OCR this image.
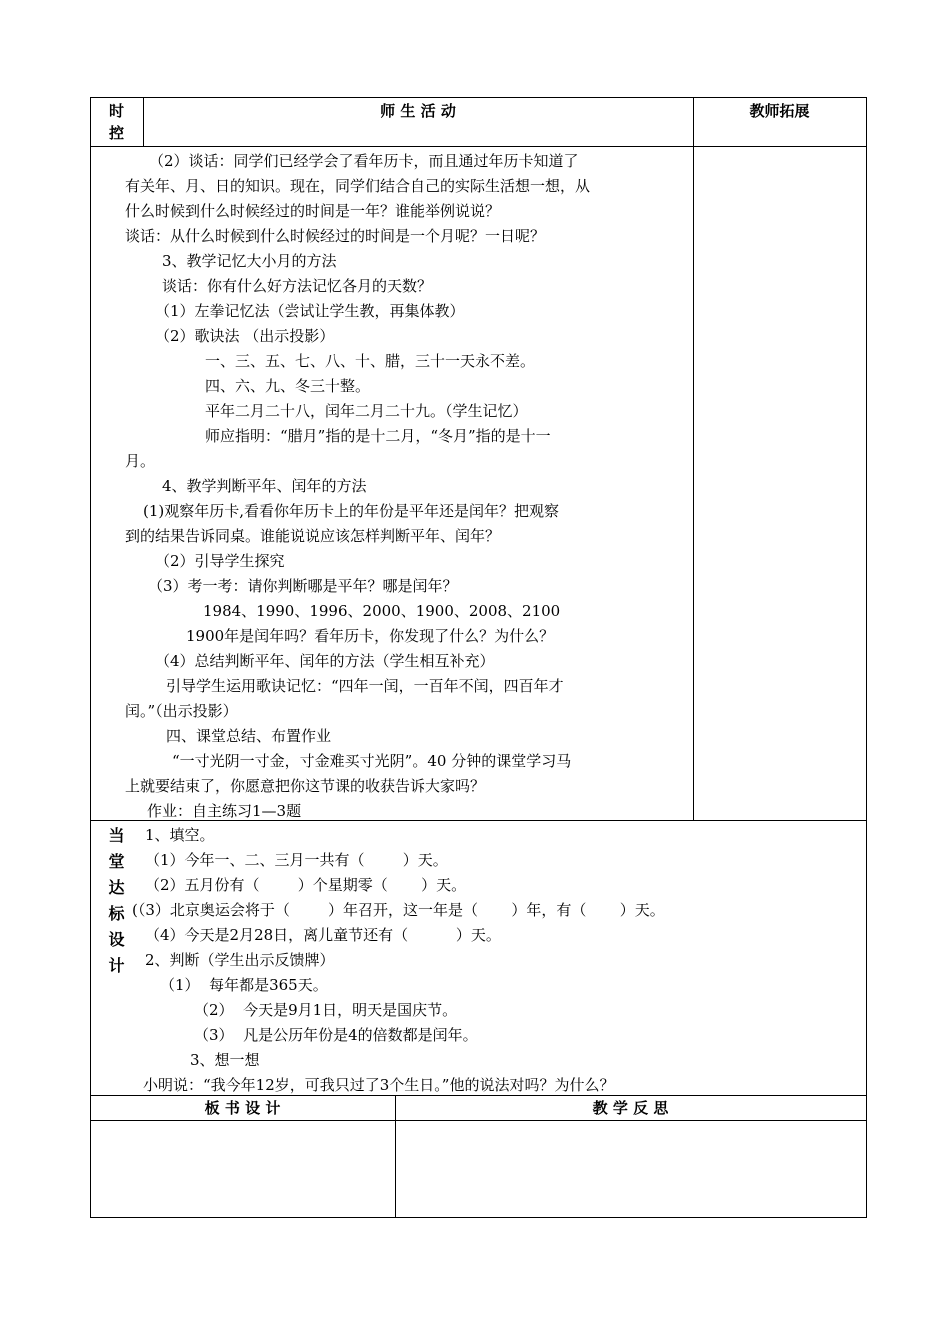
时
控
师 生 活 动	教师拓展
（2）谈话：同学们已经学会了看年历卡，而且通过年历卡知道了
有关年、月、日的知识。现在，同学们结合自己的实际生活想一想，从
什么时候到什么时候经过的时间是一年？谁能举例说说？
谈话：从什么时候到什么时候经过的时间是一个月呢？一日呢？
3、教学记忆大小月的方法
谈话：你有什么好方法记忆各月的天数？
（1）左拳记忆法（尝试让学生教，再集体教）
（2）歌诀法 （出示投影）
一、三、五、七、八、十、腊，三十一天永不差。
四、六、九、冬三十整。
平年二月二十八，闰年二月二十九。（学生记忆）
师应指明：“腊月”指的是十二月，“冬月”指的是十一
月。
4、教学判断平年、闰年的方法
(1)观察年历卡,看看你年历卡上的年份是平年还是闰年？把观察
到的结果告诉同桌。谁能说说应该怎样判断平年、闰年？
（2）引导学生探究
（3）考一考：请你判断哪是平年？哪是闰年？
1984、1990、1996、2000、1900、2008、2100
1900年是闰年吗？看年历卡，你发现了什么？为什么？
（4）总结判断平年、闰年的方法（学生相互补充）
引导学生运用歌诀记忆：“四年一闰，一百年不闰，四百年才
闰。”（出示投影）
四、课堂总结、布置作业
“一寸光阴一寸金，寸金难买寸光阴”。40 分钟的课堂学习马
上就要结束了，你愿意把你这节课的收获告诉大家吗？
作业：自主练习1—3题
当
堂
达
标
设
计
1、填空。
（1）今年一、二、三月一共有（        ）天。
（2）五月份有（        ）个星期零（       ）天。
(（3）北京奥运会将于（        ）年召开，这一年是（       ）年，有（       ）天。
（4）今天是2月28日，离儿童节还有（          ）天。
2、判断（学生出示反馈牌）
（1）  每年都是365天。
（2）  今天是9月1日，明天是国庆节。
（3）  凡是公历年份是4的倍数都是闰年。
3、想一想
小明说：“我今年12岁，可我只过了3个生日。”他的说法对吗？为什么？
板 书 设 计	教 学 反 思
